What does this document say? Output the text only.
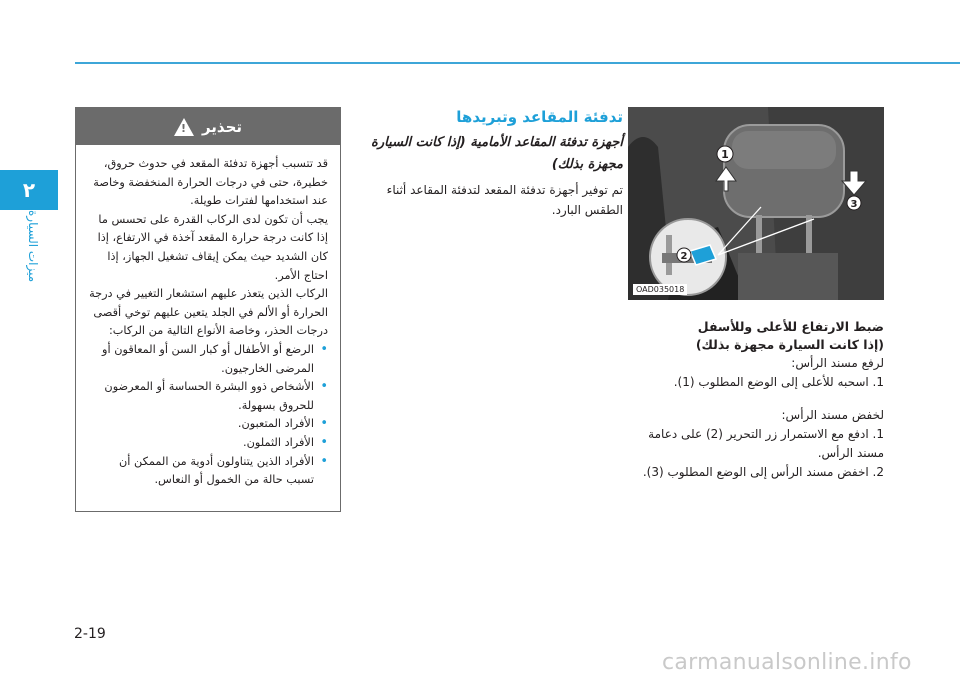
٢
ميزات السيارة
تحذير
!

قد تتسبب أجهزة تدفئة المقعد في حدوث حروق، خطيرة، حتى في درجات الحرارة المنخفضة وخاصة عند استخدامها لفترات طويلة.

يجب أن تكون لدى الركاب القدرة على تحسس ما إذا كانت درجة حرارة المقعد آخذة في الارتفاع، إذا كان الشديد حيث يمكن إيقاف تشغيل الجهاز، إذا احتاج الأمر.

الركاب الذين يتعذر عليهم استشعار التغيير في درجة الحرارة أو الألم في الجلد يتعين عليهم توخي أقصى درجات الحذر، وخاصة الأنواع التالية من الركاب:

• الرضع أو الأطفال أو كبار السن أو المعاقون أو المرضى الخارجيون.
• الأشخاص ذوو البشرة الحساسة أو المعرضون للحروق بسهولة.
• الأفراد المتعبون.
• الأفراد الثملون.
• الأفراد الذين يتناولون أدوية من الممكن أن تسبب حالة من الخمول أو النعاس.
تدفئة المقاعد وتبريدها
أجهزة تدفئة المقاعد الأمامية (إذا كانت السيارة مجهزة بذلك)

تم توفير أجهزة تدفئة المقعد لتدفئة المقاعد أثناء الطقس البارد.

1
2
3
OAD035018

ضبط الارتفاع للأعلى وللأسفل

(إذا كانت السيارة مجهزة بذلك)

لرفع مسند الرأس:

1. اسحبه للأعلى إلى الوضع المطلوب (1).

لخفض مسند الرأس:

1. ادفع مع الاستمرار زر التحرير (2) على دعامة مسند الرأس.

2. اخفض مسند الرأس إلى الوضع المطلوب (3).

2-19
carmanualsonline.info
